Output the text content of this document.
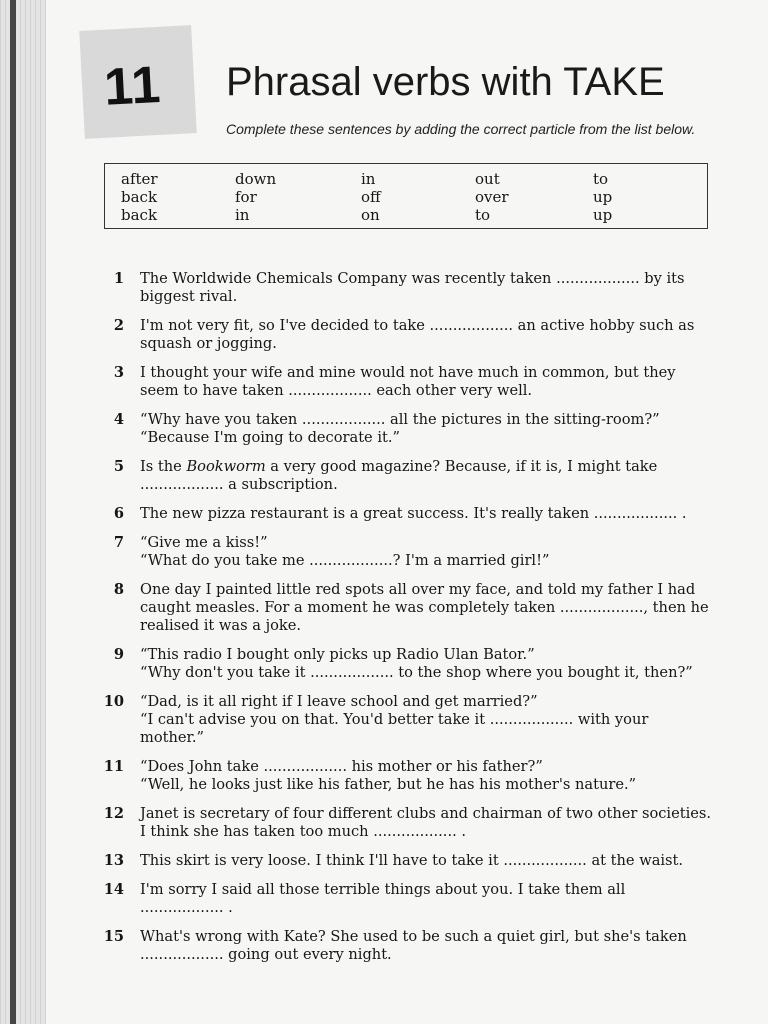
11 Phrasal verbs with TAKE
Complete these sentences by adding the correct particle from the list below.
after	down	in	out	to
back	for	off	over	up
back	in	on	to	up
1 The Worldwide Chemicals Company was recently taken .................. by its
biggest rival.
2 I'm not very fit, so I've decided to take .................. an active hobby such as
squash or jogging.
3 I thought your wife and mine would not have much in common, but they
seem to have taken .................. each other very well.
4 “Why have you taken .................. all the pictures in the sitting-room?”
“Because I'm going to decorate it.”
5 Is the Bookworm a very good magazine? Because, if it is, I might take
.................. a subscription.
6 The new pizza restaurant is a great success. It's really taken .................. .
7 “Give me a kiss!”
“What do you take me ..................? I'm a married girl!”
8 One day I painted little red spots all over my face, and told my father I had
caught measles. For a moment he was completely taken .................., then he
realised it was a joke.
9 “This radio I bought only picks up Radio Ulan Bator.”
“Why don't you take it .................. to the shop where you bought it, then?”
10 “Dad, is it all right if I leave school and get married?”
“I can't advise you on that. You'd better take it .................. with your
mother.”
11 “Does John take .................. his mother or his father?”
“Well, he looks just like his father, but he has his mother's nature.”
12 Janet is secretary of four different clubs and chairman of two other societies.
I think she has taken too much .................. .
13 This skirt is very loose. I think I'll have to take it .................. at the waist.
14 I'm sorry I said all those terrible things about you. I take them all
.................. .
15 What's wrong with Kate? She used to be such a quiet girl, but she's taken
.................. going out every night.
